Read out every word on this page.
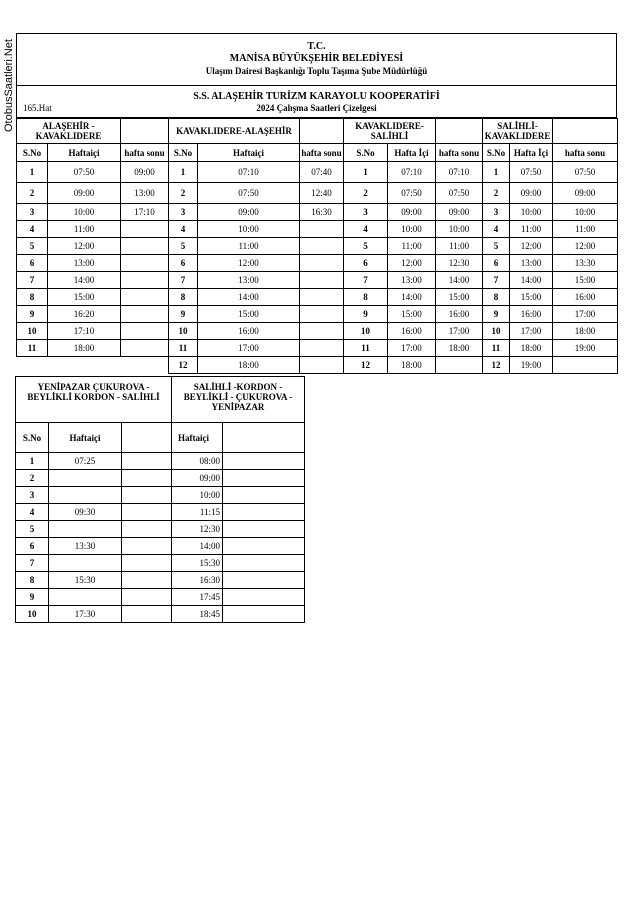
OtobusSaatleri.Net	T.C.
MANİSA BÜYÜKŞEHİR BELEDİYESİ
Ulaşım Dairesi Başkanlığı Toplu Taşıma Şube Müdürlüğü
S.S. ALAŞEHİR TURİZM KARAYOLU KOOPERATİFİ
2024 Çalışma Saatleri Çizelgesi
165.Hat
ALAŞEHİR - KAVAKLIDERE			KAVAKLIDERE-ALAŞEHİR			KAVAKLIDERE-SALİHLİ			SALİHLİ-KAVAKLIDERE		
S.No	Haftaiçi	hafta sonu	S.No	Haftaiçi	hafta sonu	S.No	Hafta İçi	hafta sonu	S.No	Hafta İçi	hafta sonu
1	07:50	09:00	1	07:10	07:40	1	07:10	07:10	1	07:50	07:50
2	09:00	13:00	2	07:50	12:40	2	07:50	07:50	2	09:00	09:00
3	10:00	17:10	3	09:00	16:30	3	09:00	09:00	3	10:00	10:00
4	11:00		4	10:00		4	10:00	10:00	4	11:00	11:00
5	12:00		5	11:00		5	11:00	11:00	5	12:00	12:00
6	13:00		6	12:00		6	12:00	12:30	6	13:00	13:30
7	14:00		7	13:00		7	13:00	14:00	7	14:00	15:00
8	15:00		8	14:00		8	14:00	15:00	8	15:00	16:00
9	16:20		9	15:00		9	15:00	16:00	9	16:00	17:00
10	17:10		10	16:00		10	16:00	17:00	10	17:00	18:00
11	18:00		11	17:00		11	17:00	18:00	11	18:00	19:00
			12	18:00		12	18:00		12	19:00	
YENİPAZAR ÇUKUROVA - BEYLİKLİ KORDON - SALİHLİ			SALİHLİ -KORDON - BEYLİKLİ - ÇUKUROVA - YENİPAZAR	
S.No	Haftaiçi		Haftaiçi	
1	07:25		08:00	
2			09:00	
3			10:00	
4	09:30		11:15	
5			12:30	
6	13:30		14:00	
7			15:30	
8	15:30		16:30	
9			17:45	
10	17:30		18:45	
